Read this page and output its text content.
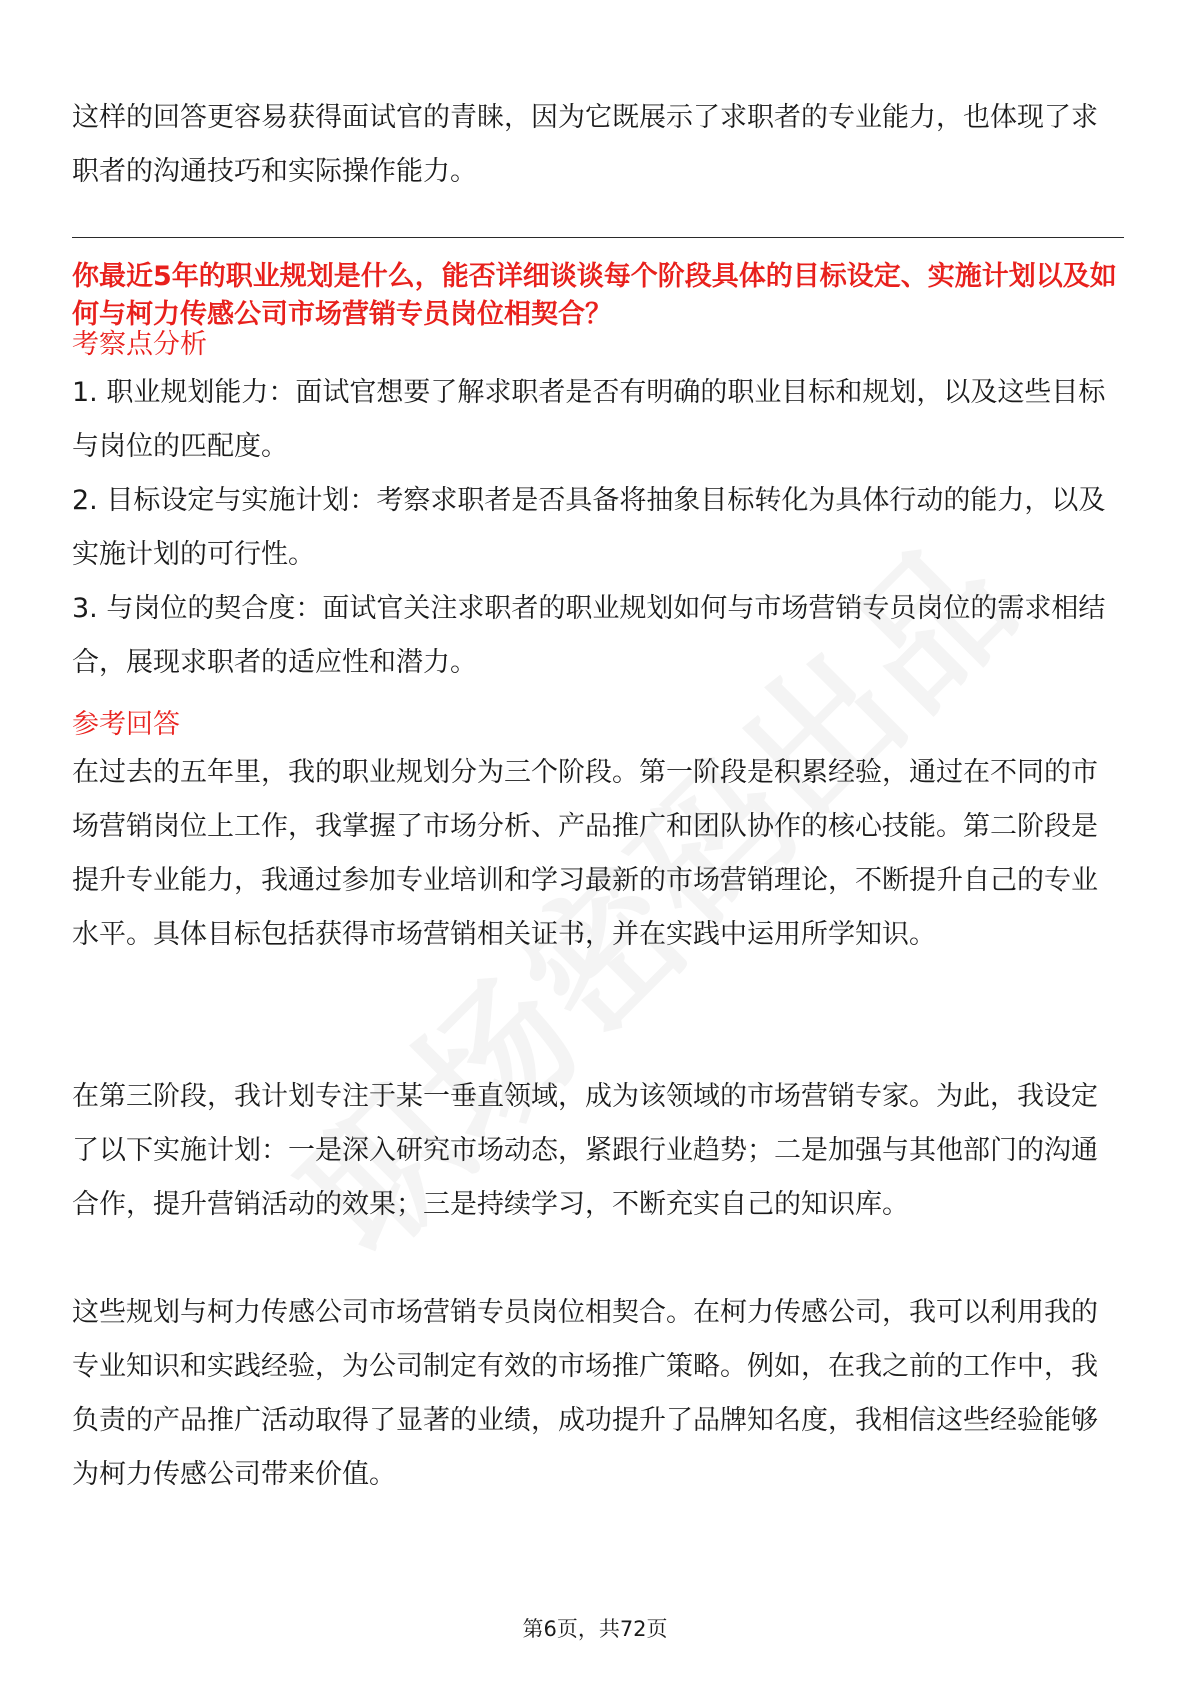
这样的回答更容易获得面试官的青睐，因为它既展示了求职者的专业能力，也体现了求职者的沟通技巧和实际操作能力。

你最近5年的职业规划是什么，能否详细谈谈每个阶段具体的目标设定、实施计划以及如何与柯力传感公司市场营销专员岗位相契合？

考察点分析

1. 职业规划能力：面试官想要了解求职者是否有明确的职业目标和规划，以及这些目标与岗位的匹配度。

2. 目标设定与实施计划：考察求职者是否具备将抽象目标转化为具体行动的能力，以及实施计划的可行性。

3. 与岗位的契合度：面试官关注求职者的职业规划如何与市场营销专员岗位的需求相结合，展现求职者的适应性和潜力。

参考回答

在过去的五年里，我的职业规划分为三个阶段。第一阶段是积累经验，通过在不同的市场营销岗位上工作，我掌握了市场分析、产品推广和团队协作的核心技能。第二阶段是提升专业能力，我通过参加专业培训和学习最新的市场营销理论，不断提升自己的专业水平。具体目标包括获得市场营销相关证书，并在实践中运用所学知识。

在第三阶段，我计划专注于某一垂直领域，成为该领域的市场营销专家。为此，我设定了以下实施计划：一是深入研究市场动态，紧跟行业趋势；二是加强与其他部门的沟通合作，提升营销活动的效果；三是持续学习，不断充实自己的知识库。

这些规划与柯力传感公司市场营销专员岗位相契合。在柯力传感公司，我可以利用我的专业知识和实践经验，为公司制定有效的市场推广策略。例如，在我之前的工作中，我负责的产品推广活动取得了显著的业绩，成功提升了品牌知名度，我相信这些经验能够为柯力传感公司带来价值。

第6页，共72页
